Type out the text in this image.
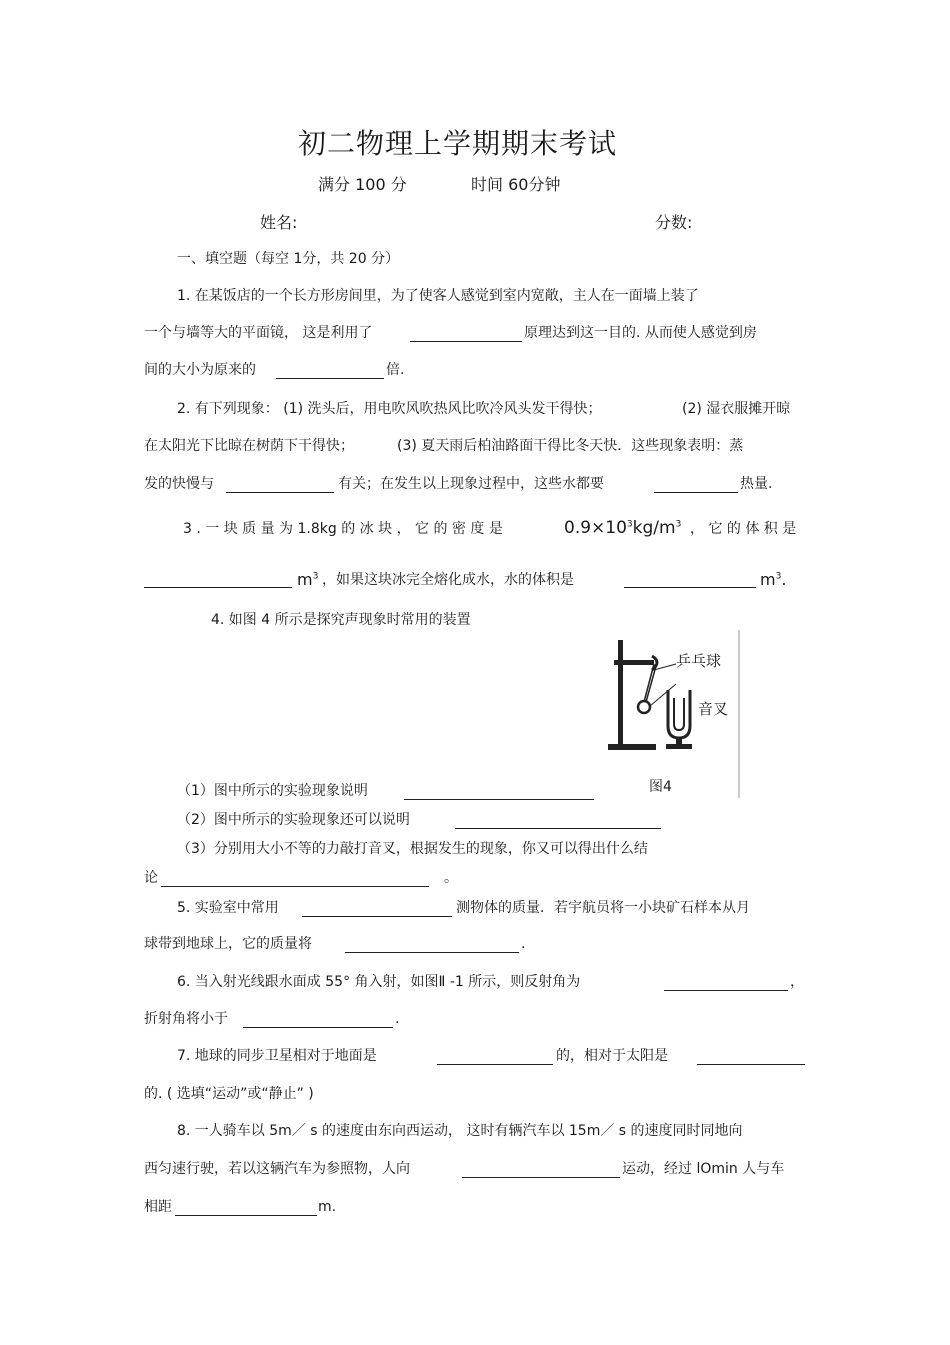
初二物理上学期期末考试
满分 100 分	时间 60分钟
姓名:	分数:
一、填空题（每空 1分，共 20 分）
1. 在某饭店的一个长方形房间里，为了使客人感觉到室内宽敞，主人在一面墙上装了
一个与墙等大的平面镜， 这是利用了	原理达到这一目的. 从而使人感觉到房
间的大小为原来的	倍.
2. 有下列现象： (1) 洗头后，用电吹风吹热风比吹冷风头发干得快；	(2) 湿衣服摊开晾
在太阳光下比晾在树荫下干得快；	(3) 夏天雨后柏油路面干得比冬天快．这些现象表明：蒸
发的快慢与	有关；在发生以上现象过程中，这些水都要	热量.
3 . 一 块 质 量 为 1.8kg 的 冰 块 ， 它 的 密 度 是	$0.9\times 10^3kg/m^3$ ， 它 的 体 积 是
$m^3$ ，如果这块冰完全熔化成水，水的体积是	$m^3$.
4. 如图 4 所示是探究声现象时常用的装置
乒乓球
音叉
图4
（1）图中所示的实验现象说明
（2）图中所示的实验现象还可以说明
（3）分别用大小不等的力敲打音叉，根据发生的现象，你又可以得出什么结
论	。
5. 实验室中常用	测物体的质量．若宇航员将一小块矿石样本从月
球带到地球上，它的质量将	.
6. 当入射光线跟水面成 55° 角入射，如图Ⅱ -1 所示，则反射角为	，
折射角将小于	.
7. 地球的同步卫星相对于地面是	的，相对于太阳是
的. ( 选填“运动”或“静止” )
8. 一人骑车以 5m／ s 的速度由东向西运动， 这时有辆汽车以 15m／ s 的速度同时同地向
西匀速行驶，若以这辆汽车为参照物，人向	运动，经过 lOmin 人与车
相距	m.
